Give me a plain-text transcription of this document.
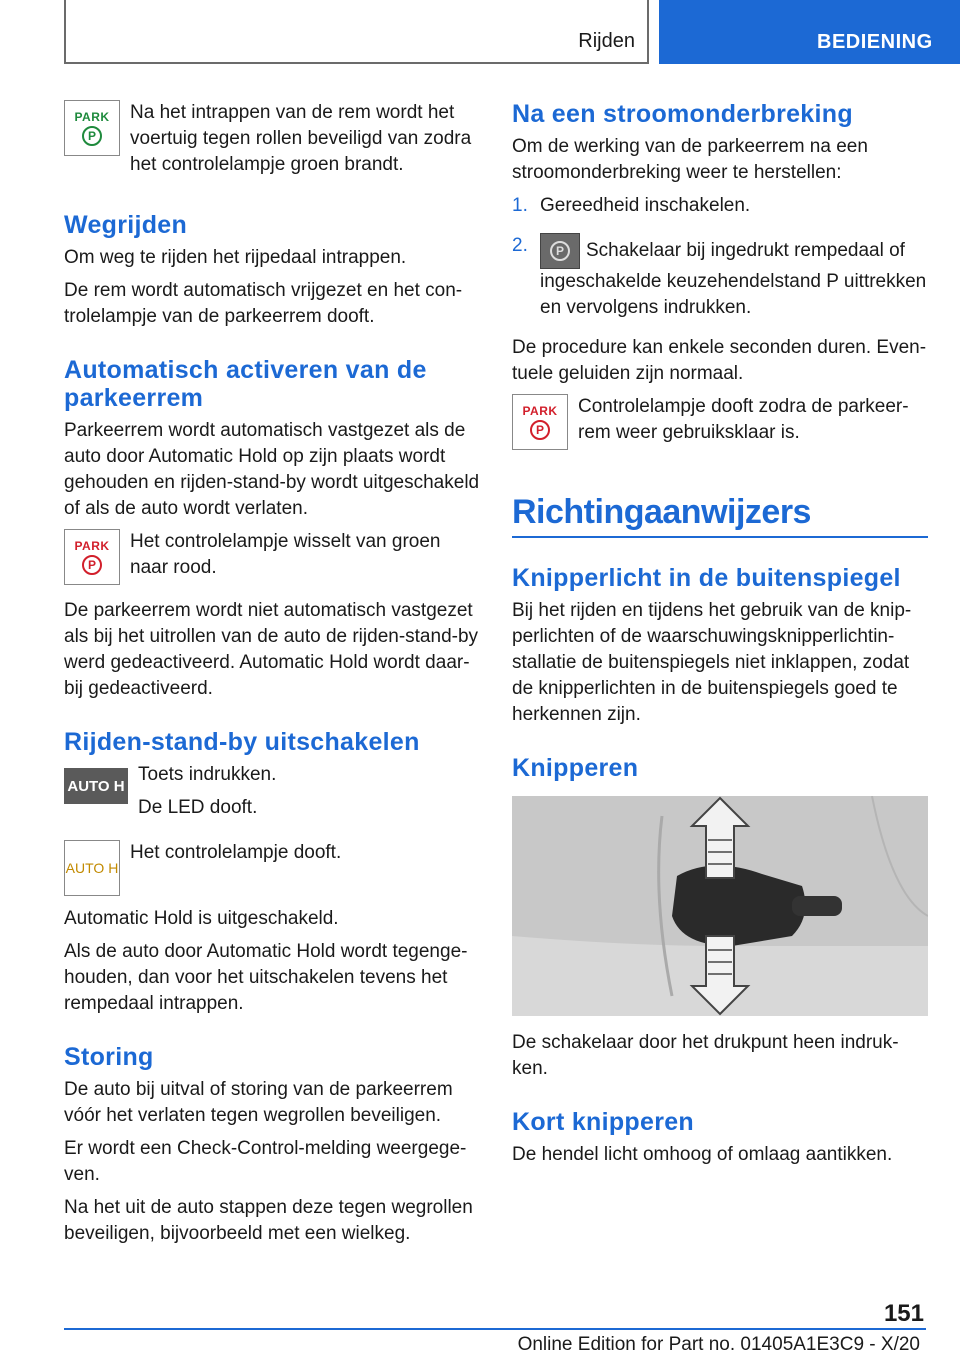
Rijden	BEDIENING
PARK
P

Na het intrappen van de rem wordt het voertuig tegen rollen beveiligd van zodra het controlelampje groen brandt.

Wegrijden

Om weg te rijden het rijpedaal intrappen.

De rem wordt automatisch vrijgezet en het controlelampje van de parkeerrem dooft.

Automatisch activeren van de parkeerrem

Parkeerrem wordt automatisch vastgezet als de auto door Automatic Hold op zijn plaats wordt gehouden en rijden-stand-by wordt uitgeschakeld of als de auto wordt verlaten.

PARK
P

Het controlelampje wisselt van groen naar rood.

De parkeerrem wordt niet automatisch vastgezet als bij het uitrollen van de auto de rijden-stand-by werd gedeactiveerd. Automatic Hold wordt daarbij gedeactiveerd.

Rijden-stand-by uitschakelen
AUTO H

Toets indrukken.

De LED dooft.

AUTO H

Het controlelampje dooft.

Automatic Hold is uitgeschakeld.

Als de auto door Automatic Hold wordt tegengehouden, dan voor het uitschakelen tevens het rempedaal intrappen.

Storing

De auto bij uitval of storing van de parkeerrem vóór het verlaten tegen wegrollen beveiligen.

Er wordt een Check-Control-melding weergegeven.

Na het uit de auto stappen deze tegen wegrollen beveiligen, bijvoorbeeld met een wielkeg.

Na een stroomonderbreking

Om de werking van de parkeerrem na een stroomonderbreking weer te herstellen:

1. Gereedheid inschakelen.
2.	P	Schakelaar bij ingedrukt rempedaal of ingeschakelde keuzehendelstand P uittrekken en vervolgens indrukken.

De procedure kan enkele seconden duren. Eventuele geluiden zijn normaal.

PARK
P

Controlelampje dooft zodra de parkeerrem weer gebruiksklaar is.

Richtingaanwijzers
Knipperlicht in de buitenspiegel

Bij het rijden en tijdens het gebruik van de knipperlichten of de waarschuwingsknipperlichtinstallatie de buitenspiegels niet inklappen, zodat de knipperlichten in de buitenspiegels goed te herkennen zijn.

Knipperen

De schakelaar door het drukpunt heen indrukken.

Kort knipperen

De hendel licht omhoog of omlaag aantikken.

151
Online Edition for Part no. 01405A1E3C9 - X/20
